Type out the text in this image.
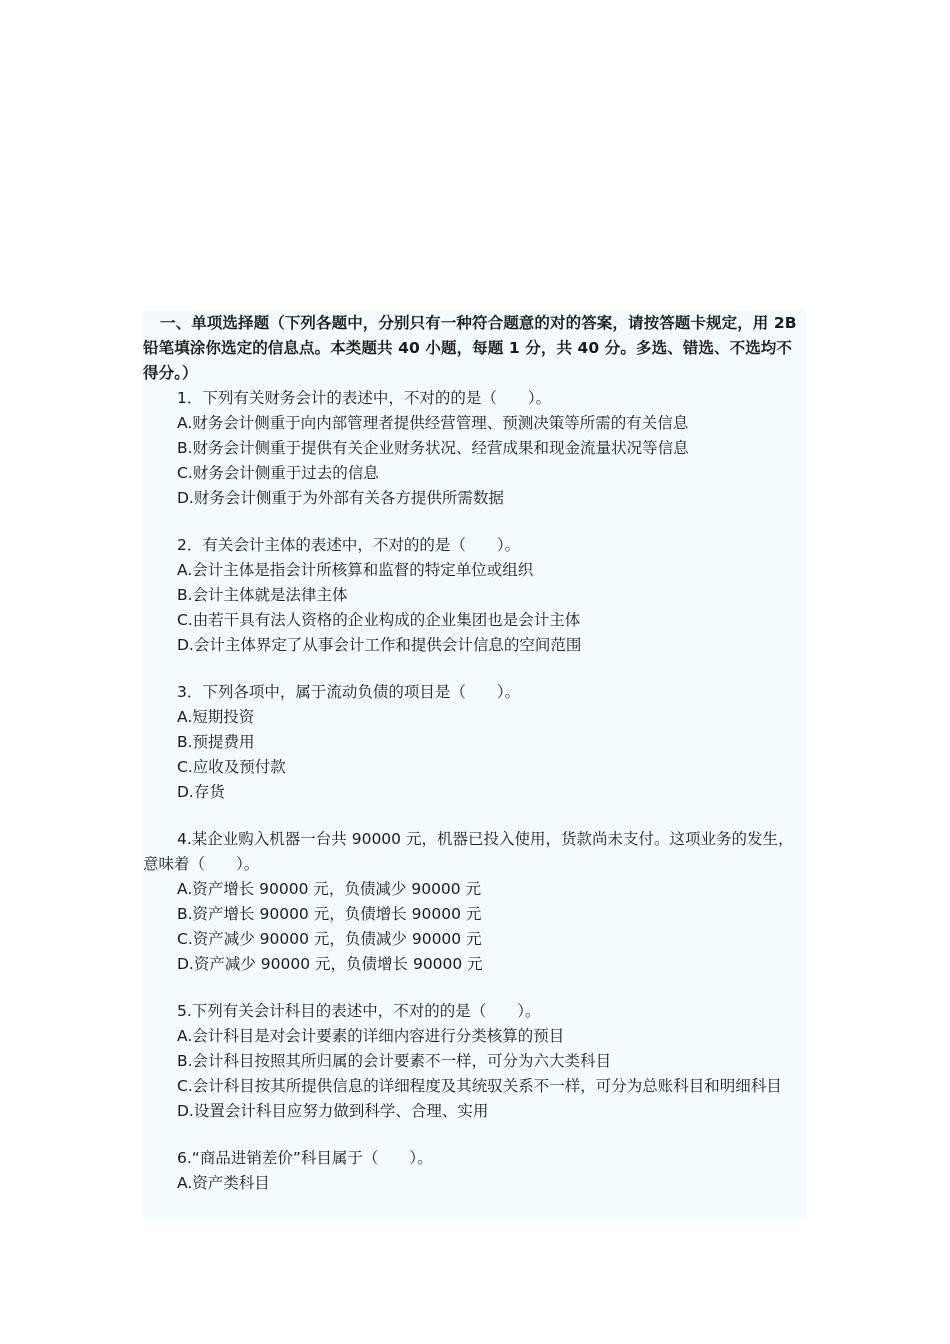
一、单项选择题（下列各题中，分别只有一种符合题意的对的答案，请按答题卡规定，用 2B 铅笔填涂你选定的信息点。本类题共 40 小题，每题 1 分，共 40 分。多选、错选、不选均不得分。）
1．下列有关财务会计的表述中，不对的的是（　　）。
A.财务会计侧重于向内部管理者提供经营管理、预测决策等所需的有关信息
B.财务会计侧重于提供有关企业财务状况、经营成果和现金流量状况等信息
C.财务会计侧重于过去的信息
D.财务会计侧重于为外部有关各方提供所需数据
2．有关会计主体的表述中，不对的的是（　　）。
A.会计主体是指会计所核算和监督的特定单位或组织
B.会计主体就是法律主体
C.由若干具有法人资格的企业构成的企业集团也是会计主体
D.会计主体界定了从事会计工作和提供会计信息的空间范围
3．下列各项中，属于流动负债的项目是（　　）。
A.短期投资
B.预提费用
C.应收及预付款
D.存货
4.某企业购入机器一台共 90000 元，机器已投入使用，货款尚未支付。这项业务的发生，意味着（　　）。
A.资产增长 90000 元，负债减少 90000 元
B.资产增长 90000 元，负债增长 90000 元
C.资产减少 90000 元，负债减少 90000 元
D.资产减少 90000 元，负债增长 90000 元
5.下列有关会计科目的表述中，不对的的是（　　）。
A.会计科目是对会计要素的详细内容进行分类核算的预目
B.会计科目按照其所归属的会计要素不一样，可分为六大类科目
C.会计科目按其所提供信息的详细程度及其统驭关系不一样，可分为总账科目和明细科目
D.设置会计科目应努力做到科学、合理、实用
6.“商品进销差价”科目属于（　　）。
A.资产类科目
